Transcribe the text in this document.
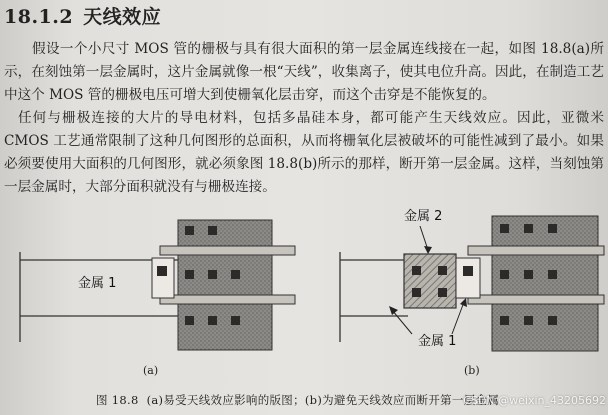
18.1.2 天线效应
假设一个小尺寸 MOS 管的栅极与具有很大面积的第一层金属连线接在一起，如图 18.8(a)所示，在刻蚀第一层金属时，这片金属就像一根“天线”，收集离子，使其电位升高。因此，在制造工艺中这个 MOS 管的栅极电压可增大到使栅氧化层击穿，而这个击穿是不能恢复的。
任何与栅极连接的大片的导电材料，包括多晶硅本身，都可能产生天线效应。因此，亚微米 CMOS 工艺通常限制了这种几何图形的总面积，从而将栅氧化层被破坏的可能性减到了最小。如果必须要使用大面积的几何图形，就必须象图 18.8(b)所示的那样，断开第一层金属。这样，当刻蚀第一层金属时，大部分面积就没有与栅极连接。
金属 1
金属 2
金属 1
(a)	(b)
图 18.8 (a)易受天线效应影响的版图；(b)为避免天线效应而断开第一层金属
CSDN @weixin_43205692
